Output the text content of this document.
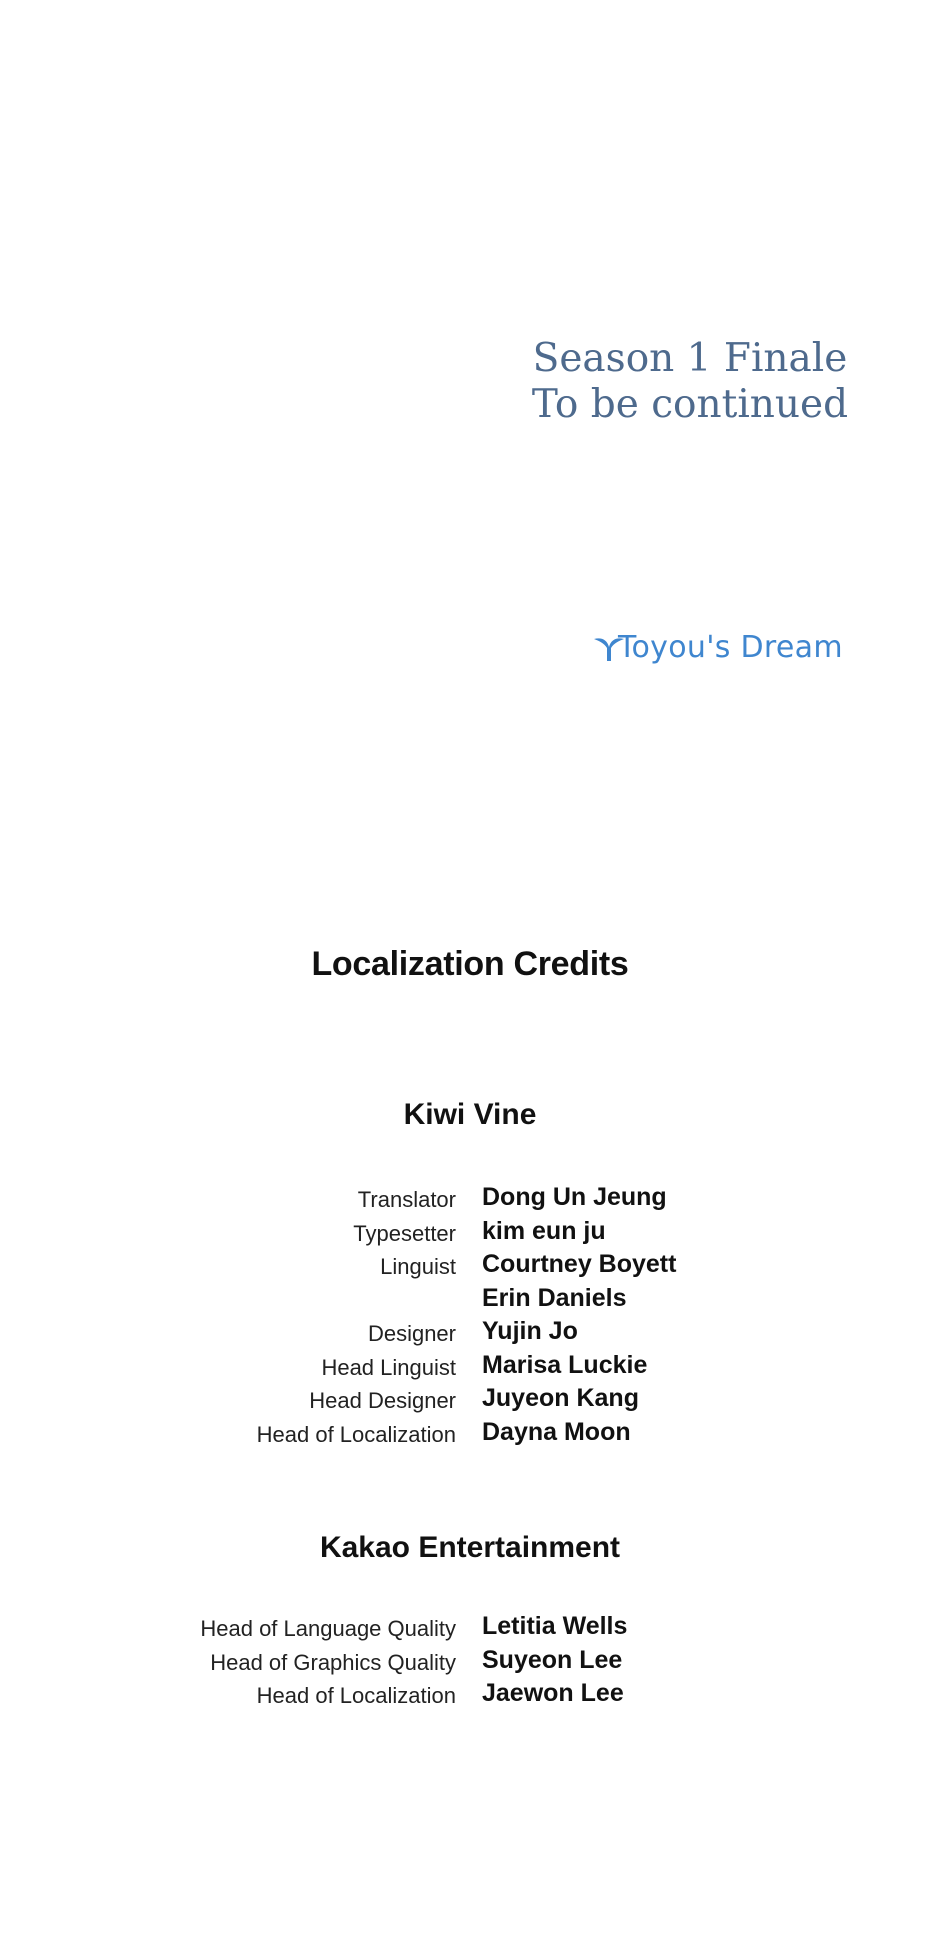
Season 1 Finale
To be continued
Toyou's Dream
Localization Credits
Kiwi Vine
Translator Dong Un Jeung
Typesetter kim eun ju
Linguist Courtney Boyett
Erin Daniels
Designer Yujin Jo
Head Linguist Marisa Luckie
Head Designer Juyeon Kang
Head of Localization Dayna Moon
Kakao Entertainment
Head of Language Quality Letitia Wells
Head of Graphics Quality Suyeon Lee
Head of Localization Jaewon Lee
